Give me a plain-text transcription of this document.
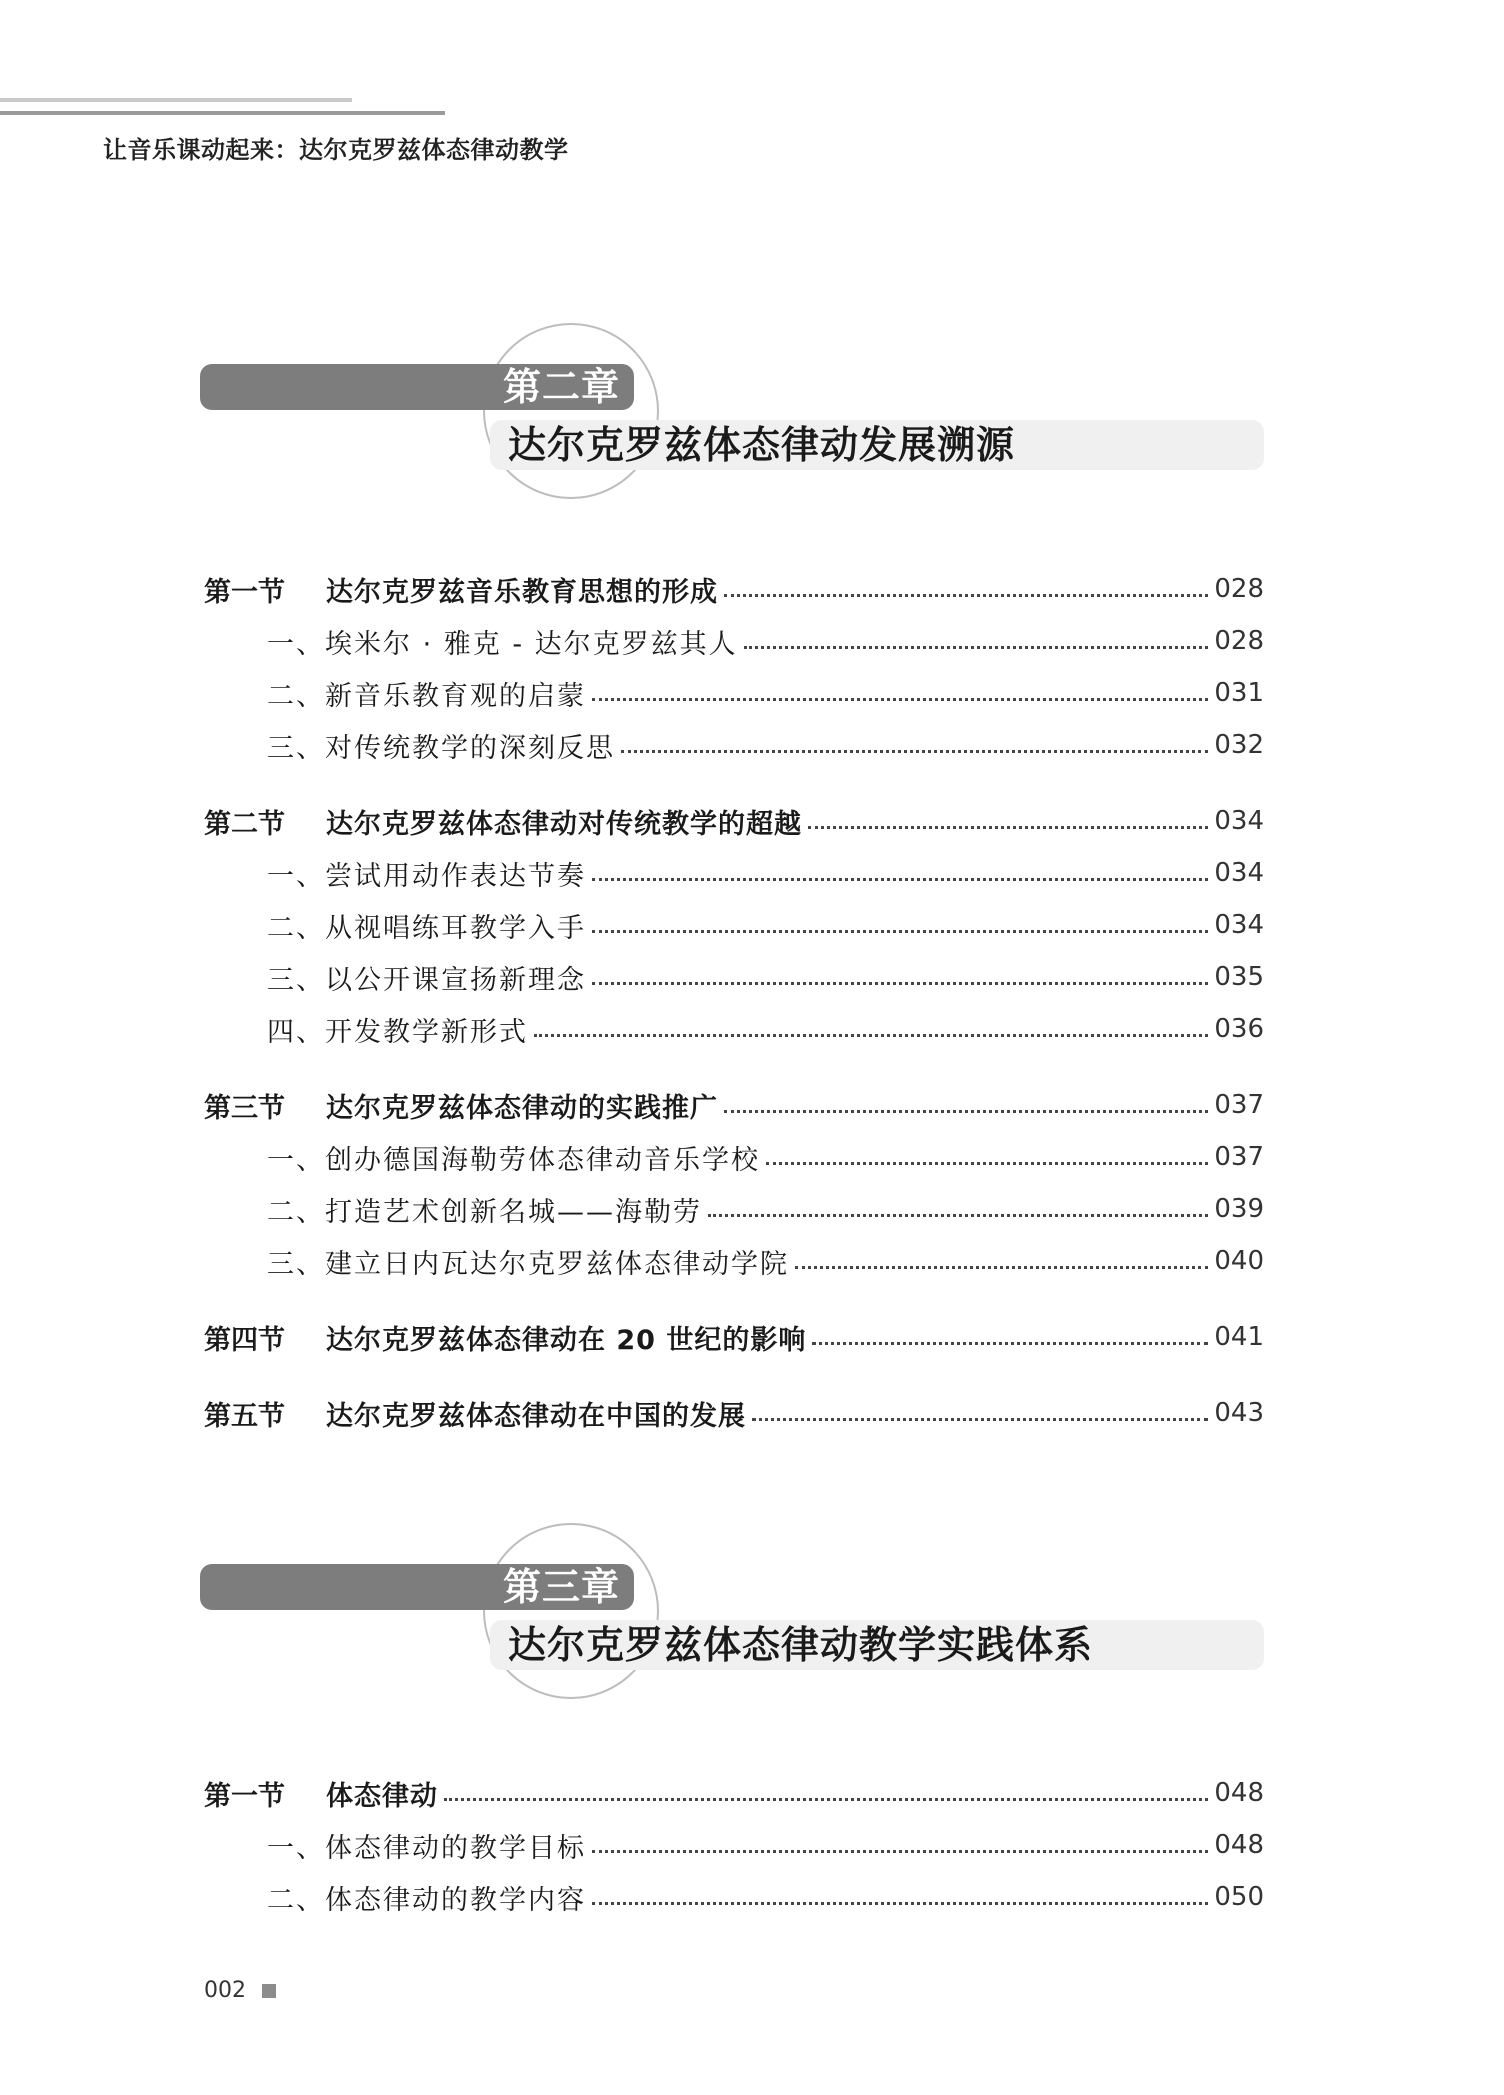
让音乐课动起来：达尔克罗兹体态律动教学
第二章
达尔克罗兹体态律动发展溯源
第一节	达尔克罗兹音乐教育思想的形成	028
一、埃米尔 · 雅克 - 达尔克罗兹其人	028
二、新音乐教育观的启蒙	031
三、对传统教学的深刻反思	032
第二节	达尔克罗兹体态律动对传统教学的超越	034
一、尝试用动作表达节奏	034
二、从视唱练耳教学入手	034
三、以公开课宣扬新理念	035
四、开发教学新形式	036
第三节	达尔克罗兹体态律动的实践推广	037
一、创办德国海勒劳体态律动音乐学校	037
二、打造艺术创新名城——海勒劳	039
三、建立日内瓦达尔克罗兹体态律动学院	040
第四节	达尔克罗兹体态律动在 20 世纪的影响	041
第五节	达尔克罗兹体态律动在中国的发展	043
第三章
达尔克罗兹体态律动教学实践体系
第一节	体态律动	048
一、体态律动的教学目标	048
二、体态律动的教学内容	050
002
